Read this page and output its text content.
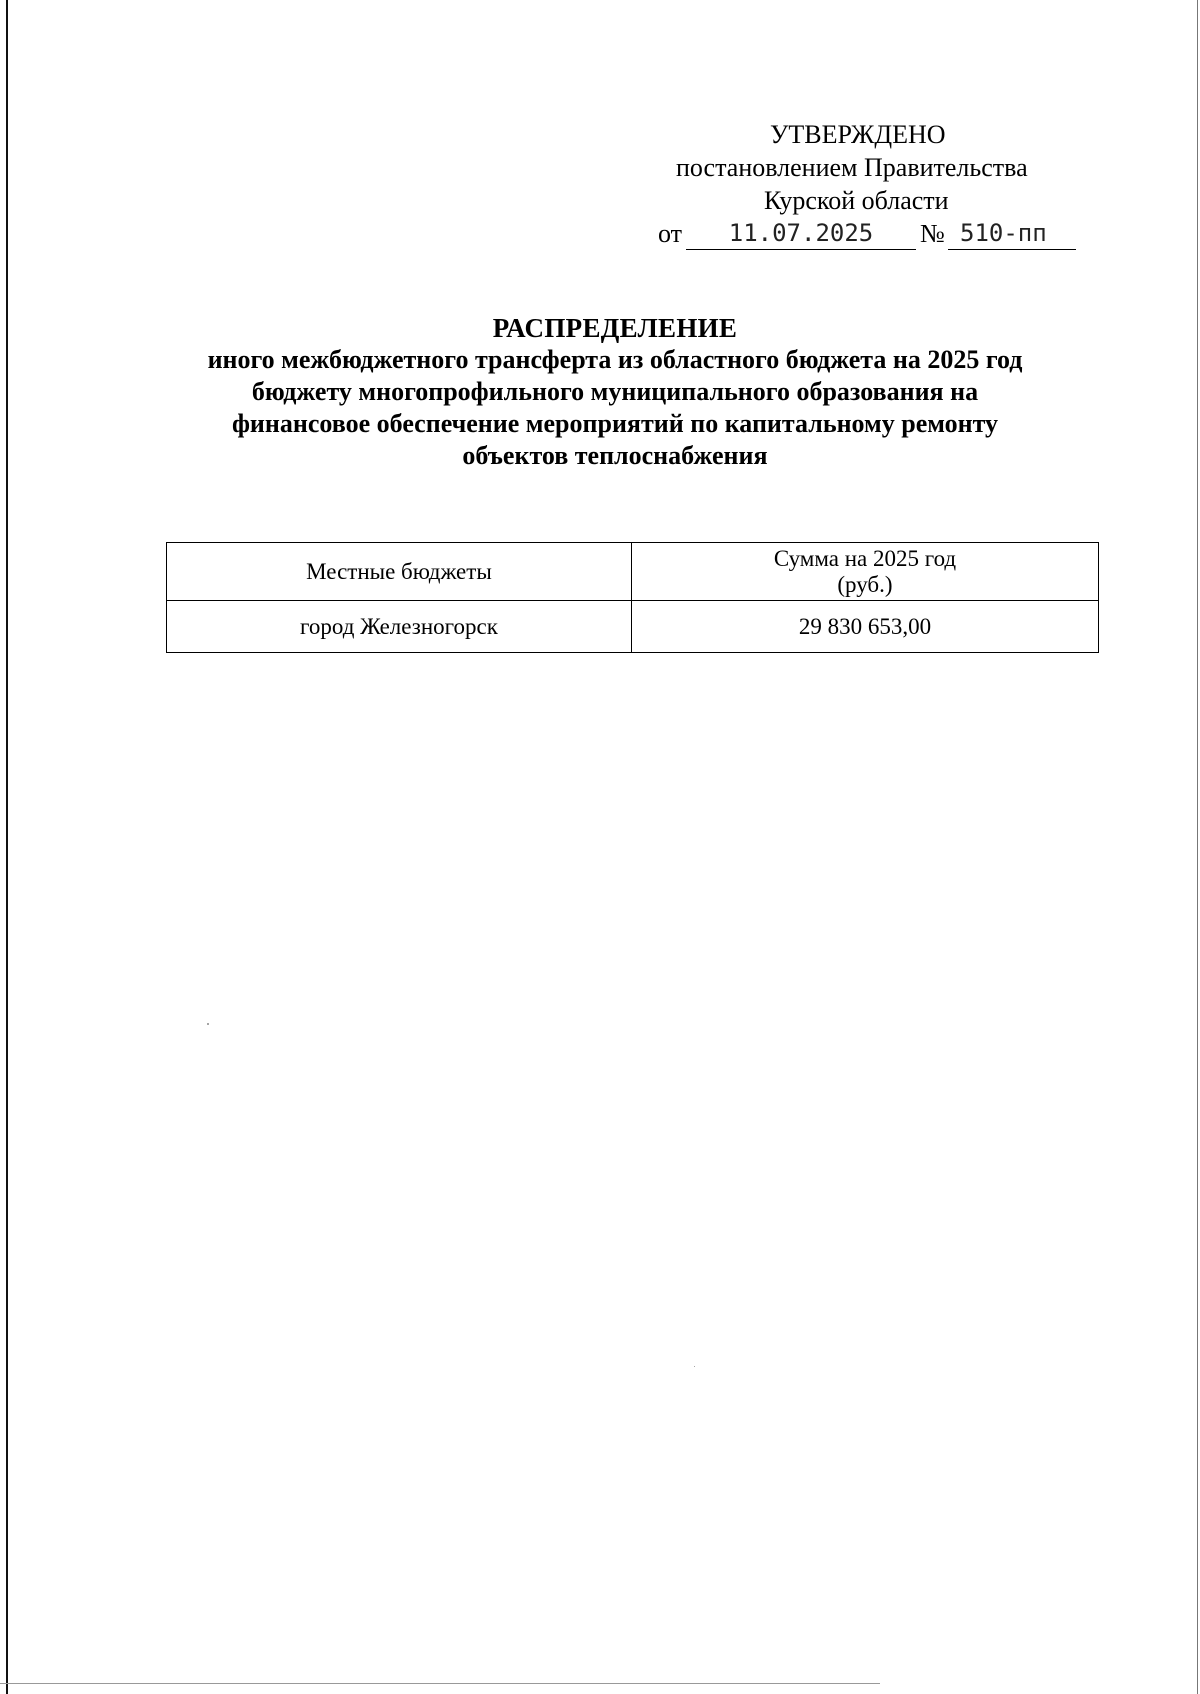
УТВЕРЖДЕНО
постановлением Правительства
Курской области
от	11.07.2025	№ 510-пп
РАСПРЕДЕЛЕНИЕ
иного межбюджетного трансферта из областного бюджета на 2025 год
бюджету многопрофильного муниципального образования на
финансовое обеспечение мероприятий по капитальному ремонту
объектов теплоснабжения
Местные бюджеты	Сумма на 2025 год
(руб.)

город Железногорск	29 830 653,00
